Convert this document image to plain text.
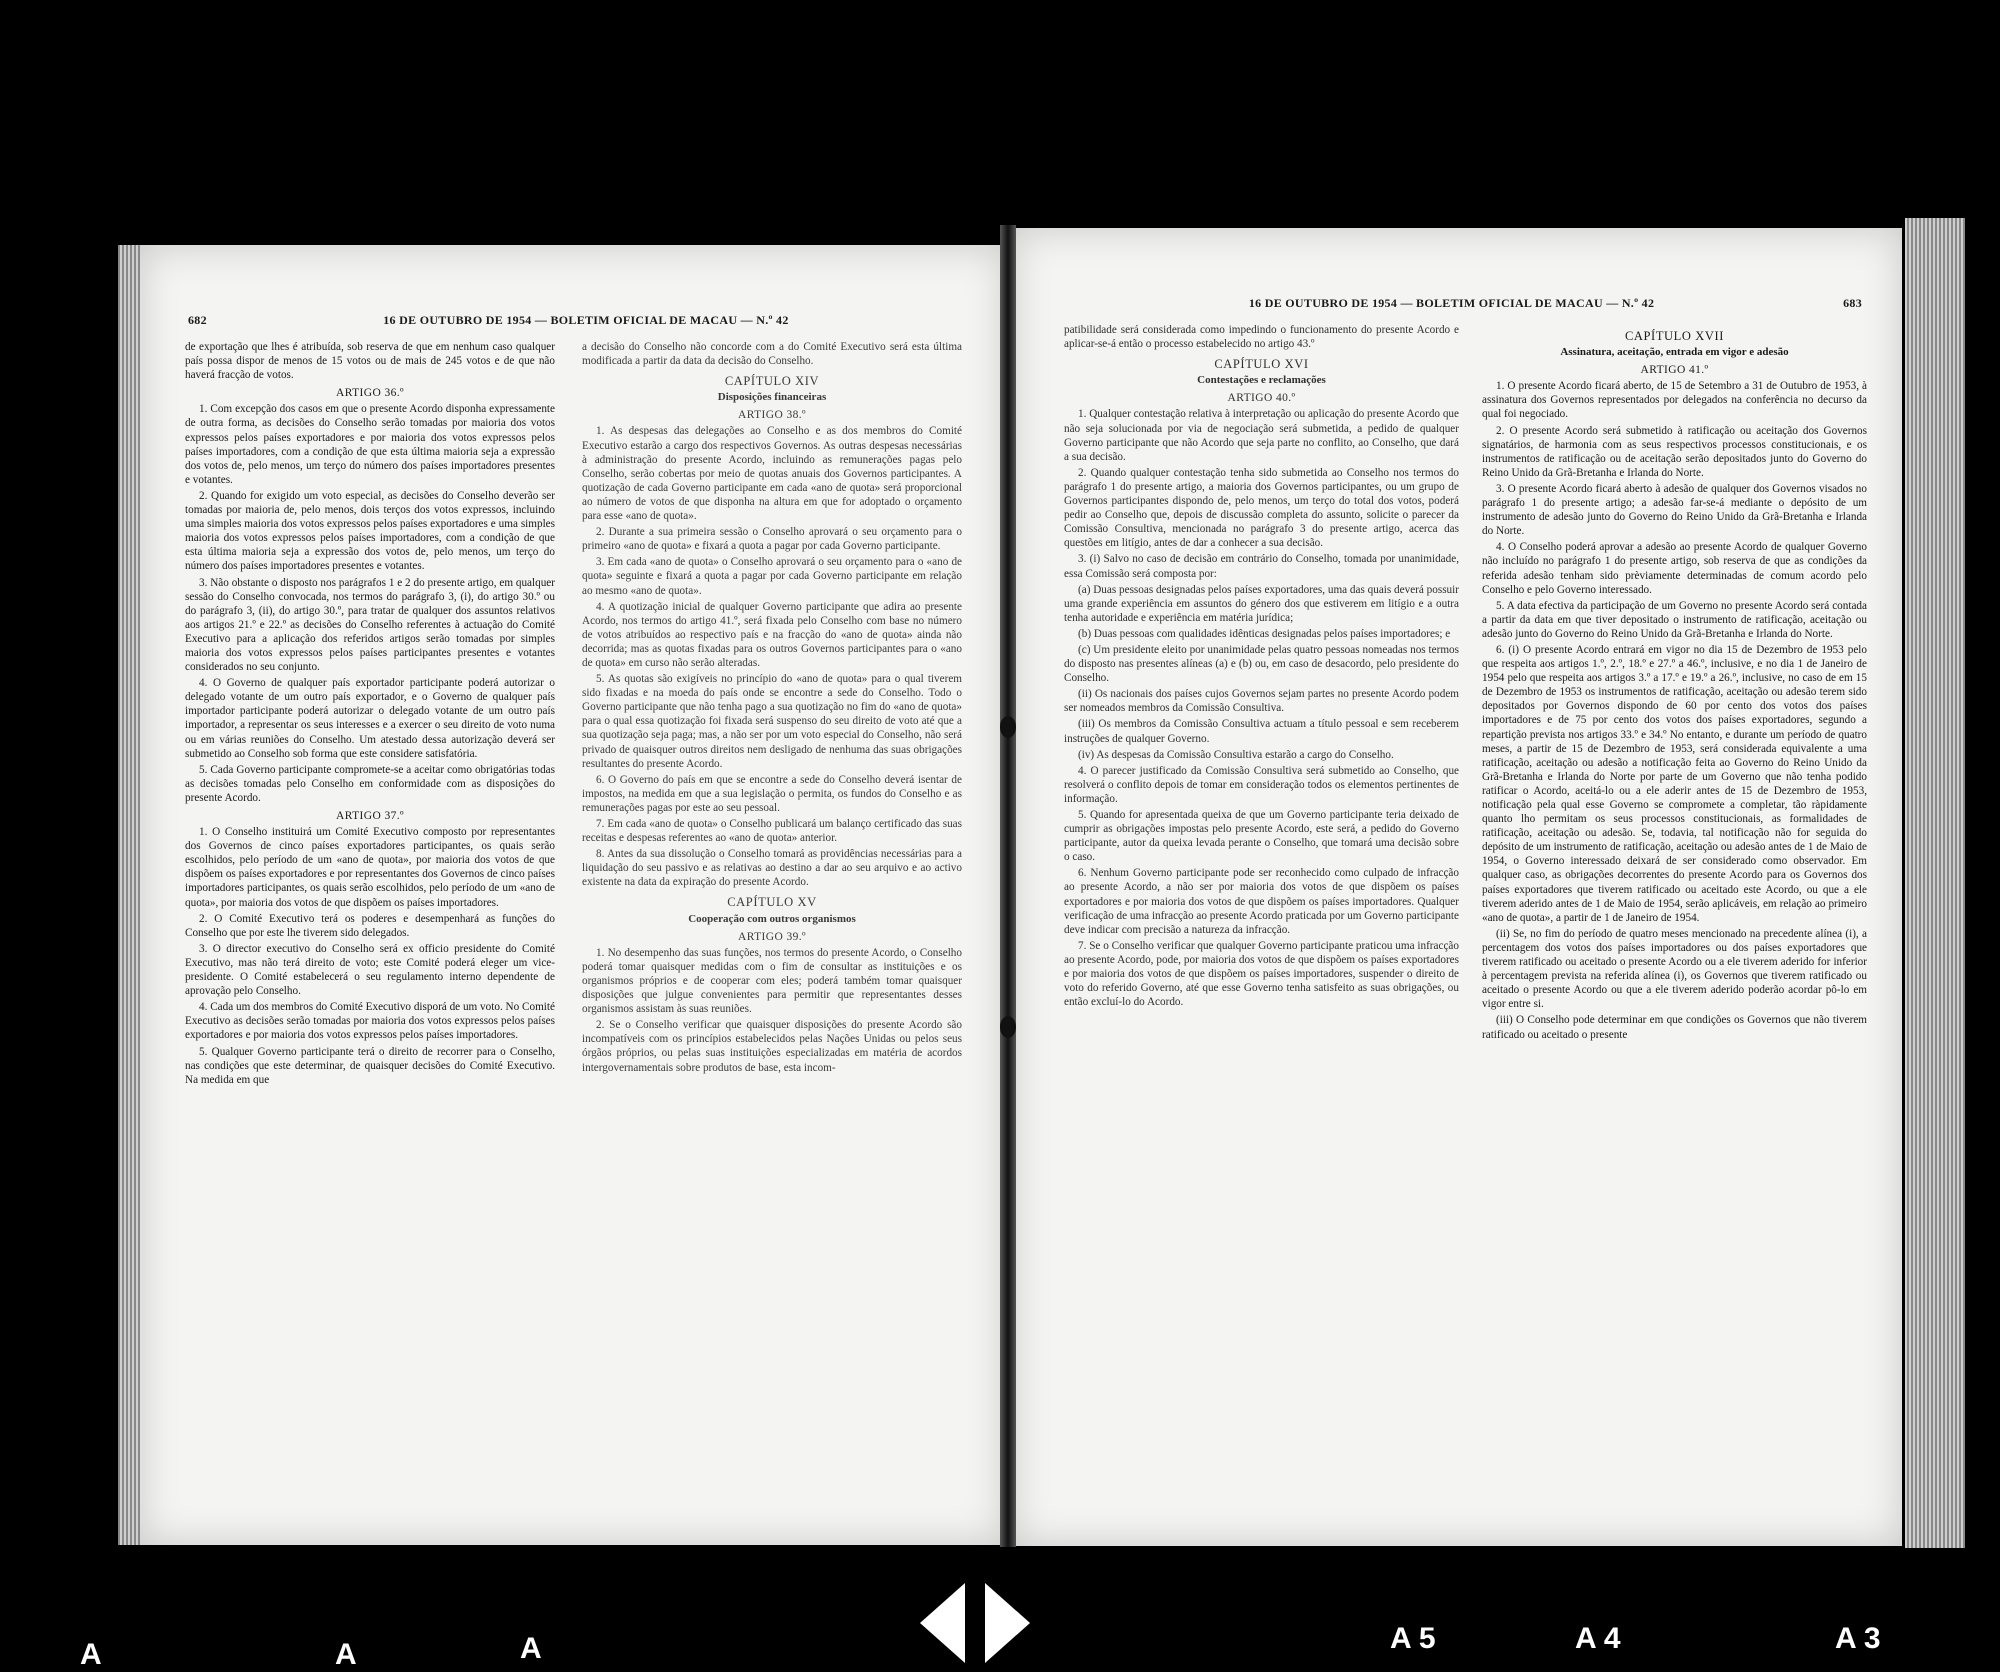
682	16 DE OUTUBRO DE 1954 — BOLETIM OFICIAL DE MACAU — N.º 42

de exportação que lhes é atribuída, sob reserva de que em nenhum caso qualquer país possa dispor de menos de 15 votos ou de mais de 245 votos e de que não haverá fracção de votos.

ARTIGO 36.º

1. Com excepção dos casos em que o presente Acordo disponha expressamente de outra forma, as decisões do Conselho serão tomadas por maioria dos votos expressos pelos países exportadores e por maioria dos votos expressos pelos países importadores, com a condição de que esta última maioria seja a expressão dos votos de, pelo menos, um terço do número dos países importadores presentes e votantes.

2. Quando for exigido um voto especial, as decisões do Conselho deverão ser tomadas por maioria de, pelo menos, dois terços dos votos expressos, incluindo uma simples maioria dos votos expressos pelos países exportadores e uma simples maioria dos votos expressos pelos países importadores, com a condição de que esta última maioria seja a expressão dos votos de, pelo menos, um terço do número dos países importadores presentes e votantes.

3. Não obstante o disposto nos parágrafos 1 e 2 do presente artigo, em qualquer sessão do Conselho convocada, nos termos do parágrafo 3, (i), do artigo 30.º ou do parágrafo 3, (ii), do artigo 30.º, para tratar de qualquer dos assuntos relativos aos artigos 21.º e 22.º as decisões do Conselho referentes à actuação do Comité Executivo para a aplicação dos referidos artigos serão tomadas por simples maioria dos votos expressos pelos países participantes presentes e votantes considerados no seu conjunto.

4. O Governo de qualquer país exportador participante poderá autorizar o delegado votante de um outro país exportador, e o Governo de qualquer país importador participante poderá autorizar o delegado votante de um outro país importador, a representar os seus interesses e a exercer o seu direito de voto numa ou em várias reuniões do Conselho. Um atestado dessa autorização deverá ser submetido ao Conselho sob forma que este considere satisfatória.

5. Cada Governo participante compromete-se a aceitar como obrigatórias todas as decisões tomadas pelo Conselho em conformidade com as disposições do presente Acordo.

ARTIGO 37.º

1. O Conselho instituirá um Comité Executivo composto por representantes dos Governos de cinco países exportadores participantes, os quais serão escolhidos, pelo período de um «ano de quota», por maioria dos votos de que dispõem os países exportadores e por representantes dos Governos de cinco países importadores participantes, os quais serão escolhidos, pelo período de um «ano de quota», por maioria dos votos de que dispõem os países importadores.

2. O Comité Executivo terá os poderes e desempenhará as funções do Conselho que por este lhe tiverem sido delegados.

3. O director executivo do Conselho será ex officio presidente do Comité Executivo, mas não terá direito de voto; este Comité poderá eleger um vice-presidente. O Comité estabelecerá o seu regulamento interno dependente de aprovação pelo Conselho.

4. Cada um dos membros do Comité Executivo disporá de um voto. No Comité Executivo as decisões serão tomadas por maioria dos votos expressos pelos países exportadores e por maioria dos votos expressos pelos países importadores.

5. Qualquer Governo participante terá o direito de recorrer para o Conselho, nas condições que este determinar, de quaisquer decisões do Comité Executivo. Na medida em que

a decisão do Conselho não concorde com a do Comité Executivo será esta última modificada a partir da data da decisão do Conselho.

CAPÍTULO XIV
Disposições financeiras
ARTIGO 38.º

1. As despesas das delegações ao Conselho e as dos membros do Comité Executivo estarão a cargo dos respectivos Governos. As outras despesas necessárias à administração do presente Acordo, incluindo as remunerações pagas pelo Conselho, serão cobertas por meio de quotas anuais dos Governos participantes. A quotização de cada Governo participante em cada «ano de quota» será proporcional ao número de votos de que disponha na altura em que for adoptado o orçamento para esse «ano de quota».

2. Durante a sua primeira sessão o Conselho aprovará o seu orçamento para o primeiro «ano de quota» e fixará a quota a pagar por cada Governo participante.

3. Em cada «ano de quota» o Conselho aprovará o seu orçamento para o «ano de quota» seguinte e fixará a quota a pagar por cada Governo participante em relação ao mesmo «ano de quota».

4. A quotização inicial de qualquer Governo participante que adira ao presente Acordo, nos termos do artigo 41.º, será fixada pelo Conselho com base no número de votos atribuídos ao respectivo país e na fracção do «ano de quota» ainda não decorrida; mas as quotas fixadas para os outros Governos participantes para o «ano de quota» em curso não serão alteradas.

5. As quotas são exigíveis no princípio do «ano de quota» para o qual tiverem sido fixadas e na moeda do país onde se encontre a sede do Conselho. Todo o Governo participante que não tenha pago a sua quotização no fim do «ano de quota» para o qual essa quotização foi fixada será suspenso do seu direito de voto até que a sua quotização seja paga; mas, a não ser por um voto especial do Conselho, não será privado de quaisquer outros direitos nem desligado de nenhuma das suas obrigações resultantes do presente Acordo.

6. O Governo do país em que se encontre a sede do Conselho deverá isentar de impostos, na medida em que a sua legislação o permita, os fundos do Conselho e as remunerações pagas por este ao seu pessoal.

7. Em cada «ano de quota» o Conselho publicará um balanço certificado das suas receitas e despesas referentes ao «ano de quota» anterior.

8. Antes da sua dissolução o Conselho tomará as providências necessárias para a liquidação do seu passivo e as relativas ao destino a dar ao seu arquivo e ao activo existente na data da expiração do presente Acordo.

CAPÍTULO XV
Cooperação com outros organismos
ARTIGO 39.º

1. No desempenho das suas funções, nos termos do presente Acordo, o Conselho poderá tomar quaisquer medidas com o fim de consultar as instituições e os organismos próprios e de cooperar com eles; poderá também tomar quaisquer disposições que julgue convenientes para permitir que representantes desses organismos assistam às suas reuniões.

2. Se o Conselho verificar que quaisquer disposições do presente Acordo são incompatíveis com os princípios estabelecidos pelas Nações Unidas ou pelos seus órgãos próprios, ou pelas suas instituições especializadas em matéria de acordos intergovernamentais sobre produtos de base, esta incom-

16 DE OUTUBRO DE 1954 — BOLETIM OFICIAL DE MACAU — N.º 42	683

patibilidade será considerada como impedindo o funcionamento do presente Acordo e aplicar-se-á então o processo estabelecido no artigo 43.º

CAPÍTULO XVI
Contestações e reclamações
ARTIGO 40.º

1. Qualquer contestação relativa à interpretação ou aplicação do presente Acordo que não seja solucionada por via de negociação será submetida, a pedido de qualquer Governo participante que não Acordo que seja parte no conflito, ao Conselho, que dará a sua decisão.

2. Quando qualquer contestação tenha sido submetida ao Conselho nos termos do parágrafo 1 do presente artigo, a maioria dos Governos participantes, ou um grupo de Governos participantes dispondo de, pelo menos, um terço do total dos votos, poderá pedir ao Conselho que, depois de discussão completa do assunto, solicite o parecer da Comissão Consultiva, mencionada no parágrafo 3 do presente artigo, acerca das questões em litígio, antes de dar a conhecer a sua decisão.

3. (i) Salvo no caso de decisão em contrário do Conselho, tomada por unanimidade, essa Comissão será composta por:

(a) Duas pessoas designadas pelos países exportadores, uma das quais deverá possuir uma grande experiência em assuntos do género dos que estiverem em litígio e a outra tenha autoridade e experiência em matéria jurídica;

(b) Duas pessoas com qualidades idênticas designadas pelos países importadores; e

(c) Um presidente eleito por unanimidade pelas quatro pessoas nomeadas nos termos do disposto nas presentes alíneas (a) e (b) ou, em caso de desacordo, pelo presidente do Conselho.

(ii) Os nacionais dos países cujos Governos sejam partes no presente Acordo podem ser nomeados membros da Comissão Consultiva.

(iii) Os membros da Comissão Consultiva actuam a título pessoal e sem receberem instruções de qualquer Governo.

(iv) As despesas da Comissão Consultiva estarão a cargo do Conselho.

4. O parecer justificado da Comissão Consultiva será submetido ao Conselho, que resolverá o conflito depois de tomar em consideração todos os elementos pertinentes de informação.

5. Quando for apresentada queixa de que um Governo participante teria deixado de cumprir as obrigações impostas pelo presente Acordo, este será, a pedido do Governo participante, autor da queixa levada perante o Conselho, que tomará uma decisão sobre o caso.

6. Nenhum Governo participante pode ser reconhecido como culpado de infracção ao presente Acordo, a não ser por maioria dos votos de que dispõem os países exportadores e por maioria dos votos de que dispõem os países importadores. Qualquer verificação de uma infracção ao presente Acordo praticada por um Governo participante deve indicar com precisão a natureza da infracção.

7. Se o Conselho verificar que qualquer Governo participante praticou uma infracção ao presente Acordo, pode, por maioria dos votos de que dispõem os países exportadores e por maioria dos votos de que dispõem os países importadores, suspender o direito de voto do referido Governo, até que esse Governo tenha satisfeito as suas obrigações, ou então excluí-lo do Acordo.

CAPÍTULO XVII
Assinatura, aceitação, entrada em vigor e adesão
ARTIGO 41.º

1. O presente Acordo ficará aberto, de 15 de Setembro a 31 de Outubro de 1953, à assinatura dos Governos representados por delegados na conferência no decurso da qual foi negociado.

2. O presente Acordo será submetido à ratificação ou aceitação dos Governos signatários, de harmonia com as seus respectivos processos constitucionais, e os instrumentos de ratificação ou de aceitação serão depositados junto do Governo do Reino Unido da Grã-Bretanha e Irlanda do Norte.

3. O presente Acordo ficará aberto à adesão de qualquer dos Governos visados no parágrafo 1 do presente artigo; a adesão far-se-á mediante o depósito de um instrumento de adesão junto do Governo do Reino Unido da Grã-Bretanha e Irlanda do Norte.

4. O Conselho poderá aprovar a adesão ao presente Acordo de qualquer Governo não incluído no parágrafo 1 do presente artigo, sob reserva de que as condições da referida adesão tenham sido prèviamente determinadas de comum acordo pelo Conselho e pelo Governo interessado.

5. A data efectiva da participação de um Governo no presente Acordo será contada a partir da data em que tiver depositado o instrumento de ratificação, aceitação ou adesão junto do Governo do Reino Unido da Grã-Bretanha e Irlanda do Norte.

6. (i) O presente Acordo entrará em vigor no dia 15 de Dezembro de 1953 pelo que respeita aos artigos 1.º, 2.º, 18.º e 27.º a 46.º, inclusive, e no dia 1 de Janeiro de 1954 pelo que respeita aos artigos 3.º a 17.º e 19.º a 26.º, inclusive, no caso de em 15 de Dezembro de 1953 os instrumentos de ratificação, aceitação ou adesão terem sido depositados por Governos dispondo de 60 por cento dos votos dos países importadores e de 75 por cento dos votos dos países exportadores, segundo a repartição prevista nos artigos 33.º e 34.º No entanto, e durante um período de quatro meses, a partir de 15 de Dezembro de 1953, será considerada equivalente a uma ratificação, aceitação ou adesão a notificação feita ao Governo do Reino Unido da Grã-Bretanha e Irlanda do Norte por parte de um Governo que não tenha podido ratificar o Acordo, aceitá-lo ou a ele aderir antes de 15 de Dezembro de 1953, notificação pela qual esse Governo se compromete a completar, tão ràpidamente quanto lho permitam os seus processos constitucionais, as formalidades de ratificação, aceitação ou adesão. Se, todavia, tal notificação não for seguida do depósito de um instrumento de ratificação, aceitação ou adesão antes de 1 de Maio de 1954, o Governo interessado deixará de ser considerado como observador. Em qualquer caso, as obrigações decorrentes do presente Acordo para os Governos dos países exportadores que tiverem ratificado ou aceitado este Acordo, ou que a ele tiverem aderido antes de 1 de Maio de 1954, serão aplicáveis, em relação ao primeiro «ano de quota», a partir de 1 de Janeiro de 1954.

(ii) Se, no fim do período de quatro meses mencionado na precedente alínea (i), a percentagem dos votos dos países importadores ou dos países exportadores que tiverem ratificado ou aceitado o presente Acordo ou a ele tiverem aderido for inferior à percentagem prevista na referida alínea (i), os Governos que tiverem ratificado ou aceitado o presente Acordo ou que a ele tiverem aderido poderão acordar pô-lo em vigor entre si.

(iii) O Conselho pode determinar em que condições os Governos que não tiverem ratificado ou aceitado o presente

A	A	A	A 5	A 4	A 3
